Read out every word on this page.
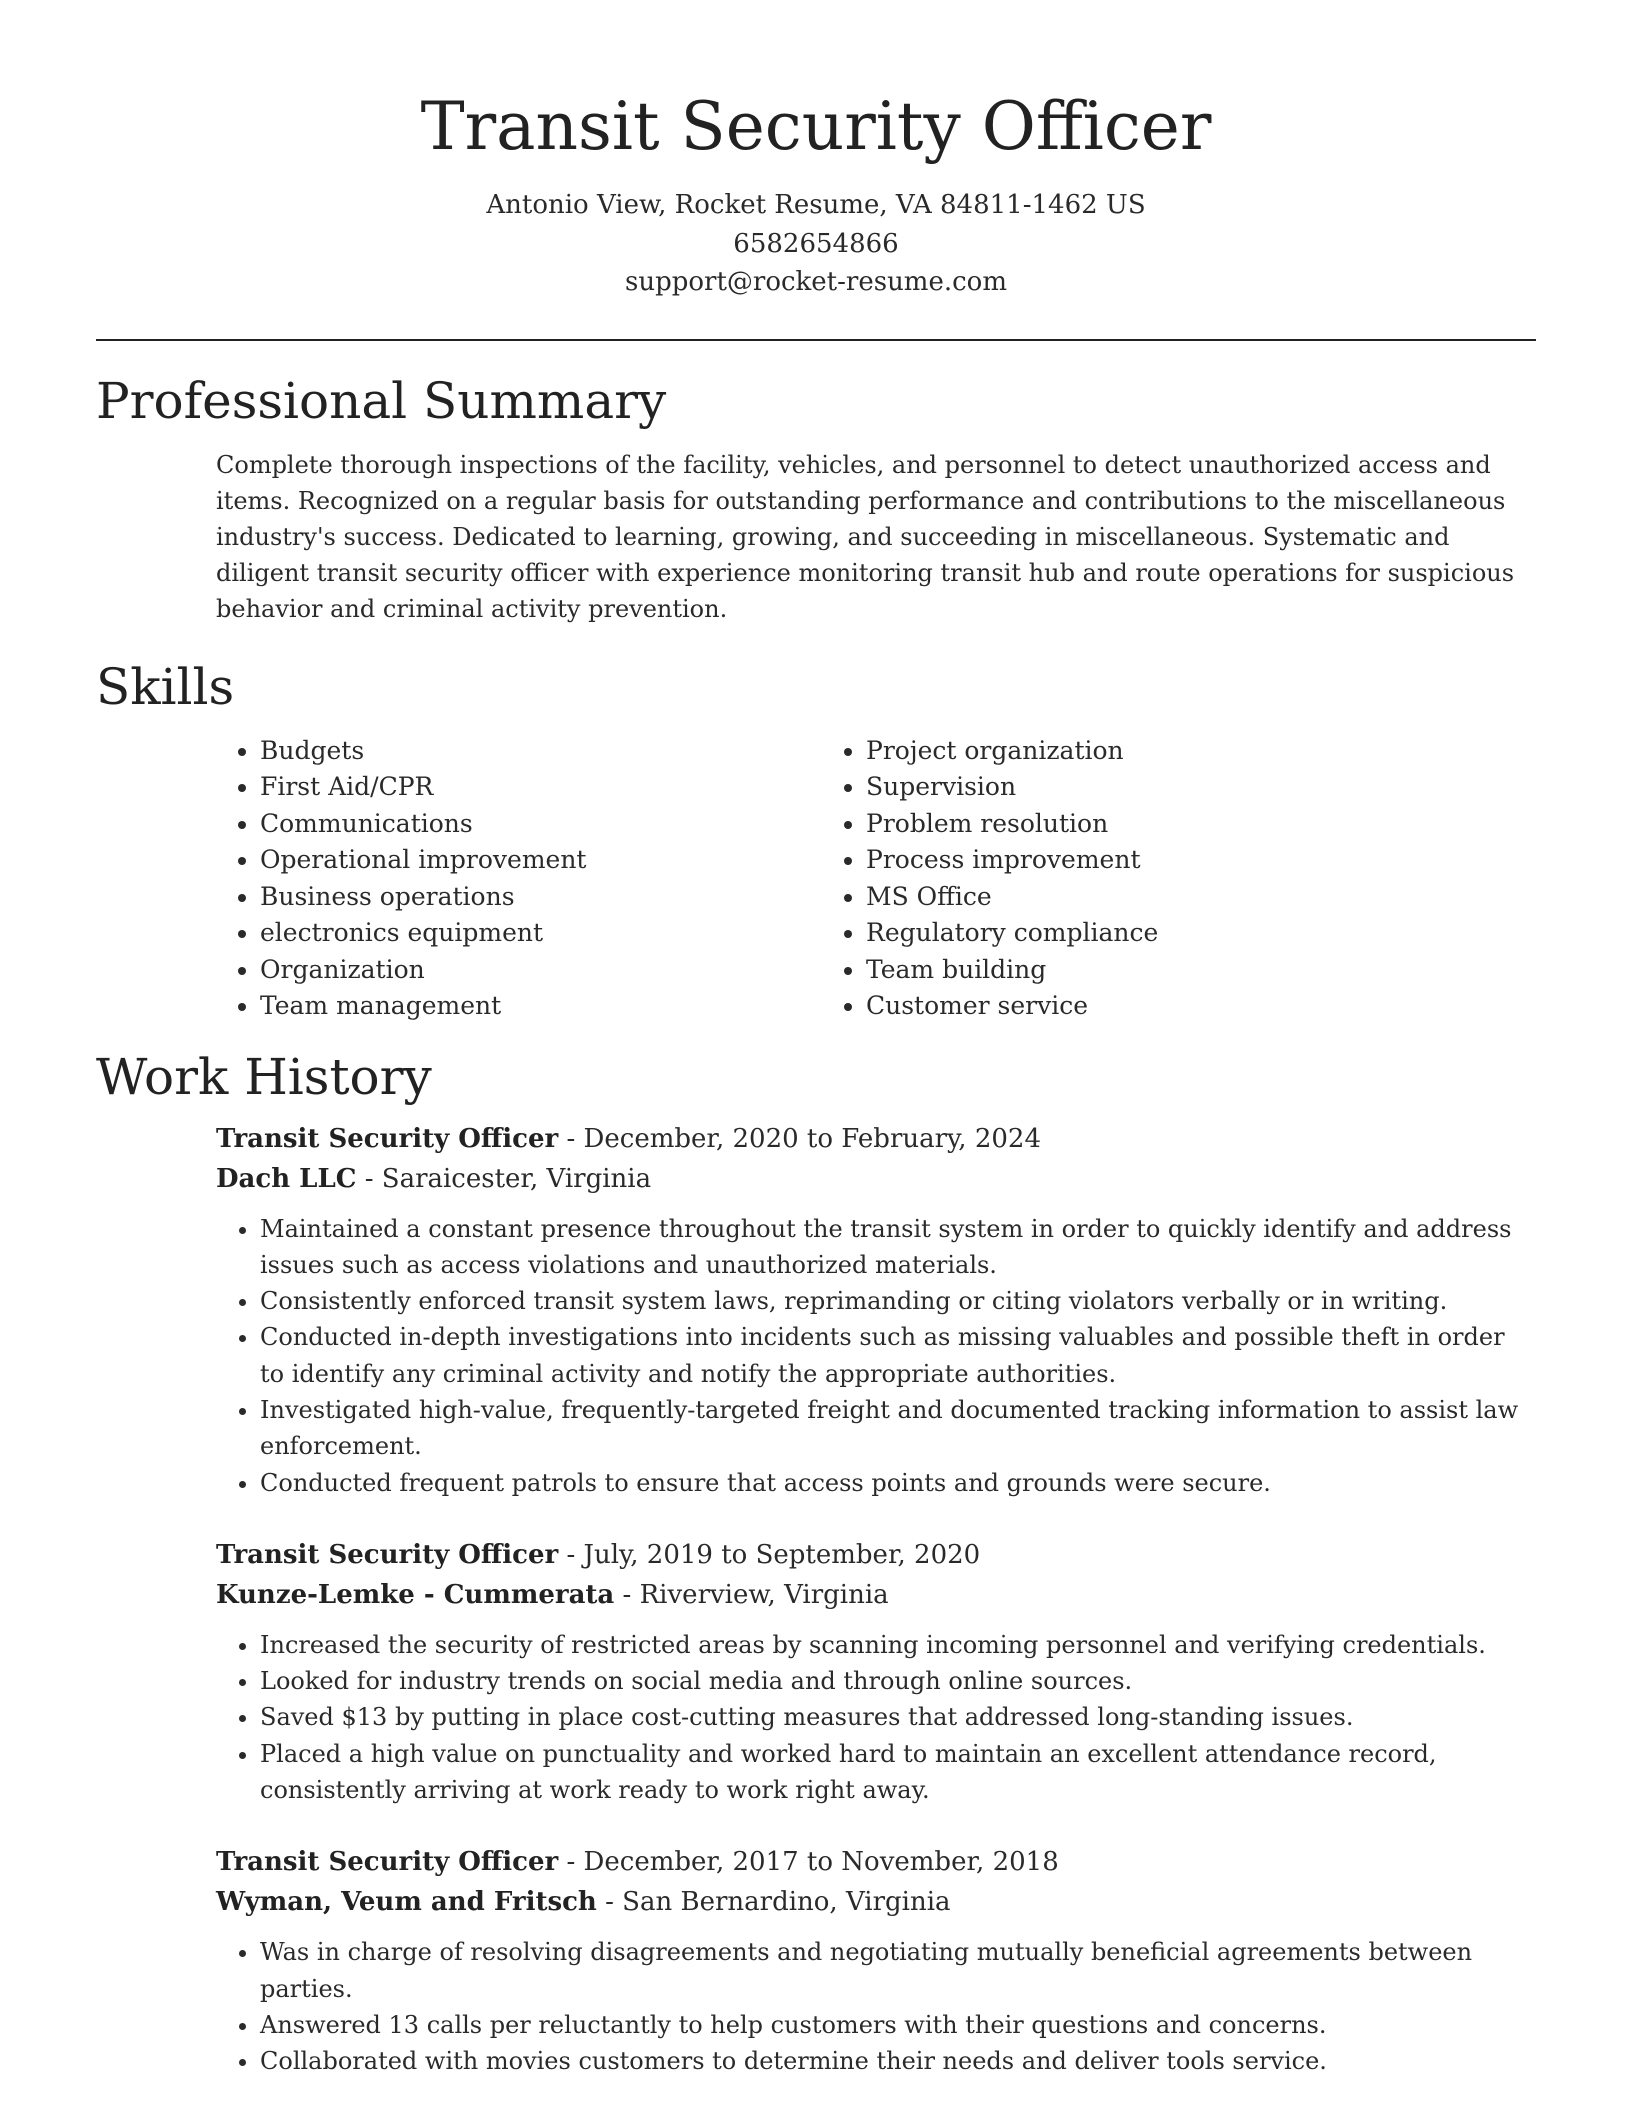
Transit Security Officer
Antonio View, Rocket Resume, VA 84811-1462 US
6582654866
support@rocket-resume.com
Professional Summary

Complete thorough inspections of the facility, vehicles, and personnel to detect unauthorized access and items. Recognized on a regular basis for outstanding performance and contributions to the miscellaneous industry's success. Dedicated to learning, growing, and succeeding in miscellaneous. Systematic and diligent transit security officer with experience monitoring transit hub and route operations for suspicious behavior and criminal activity prevention.

Skills
• Budgets
• First Aid/CPR
• Communications
• Operational improvement
• Business operations
• electronics equipment
• Organization
• Team management
• Project organization
• Supervision
• Problem resolution
• Process improvement
• MS Office
• Regulatory compliance
• Team building
• Customer service
Work History
Transit Security Officer - December, 2020 to February, 2024
Dach LLC - Saraicester, Virginia
• Maintained a constant presence throughout the transit system in order to quickly identify and address issues such as access violations and unauthorized materials.
• Consistently enforced transit system laws, reprimanding or citing violators verbally or in writing.
• Conducted in-depth investigations into incidents such as missing valuables and possible theft in order to identify any criminal activity and notify the appropriate authorities.
• Investigated high-value, frequently-targeted freight and documented tracking information to assist law enforcement.
• Conducted frequent patrols to ensure that access points and grounds were secure.
Transit Security Officer - July, 2019 to September, 2020
Kunze-Lemke - Cummerata - Riverview, Virginia
• Increased the security of restricted areas by scanning incoming personnel and verifying credentials.
• Looked for industry trends on social media and through online sources.
• Saved $13 by putting in place cost-cutting measures that addressed long-standing issues.
• Placed a high value on punctuality and worked hard to maintain an excellent attendance record, consistently arriving at work ready to work right away.
Transit Security Officer - December, 2017 to November, 2018
Wyman, Veum and Fritsch - San Bernardino, Virginia
• Was in charge of resolving disagreements and negotiating mutually beneficial agreements between parties.
• Answered 13 calls per reluctantly to help customers with their questions and concerns.
• Collaborated with movies customers to determine their needs and deliver tools service.
